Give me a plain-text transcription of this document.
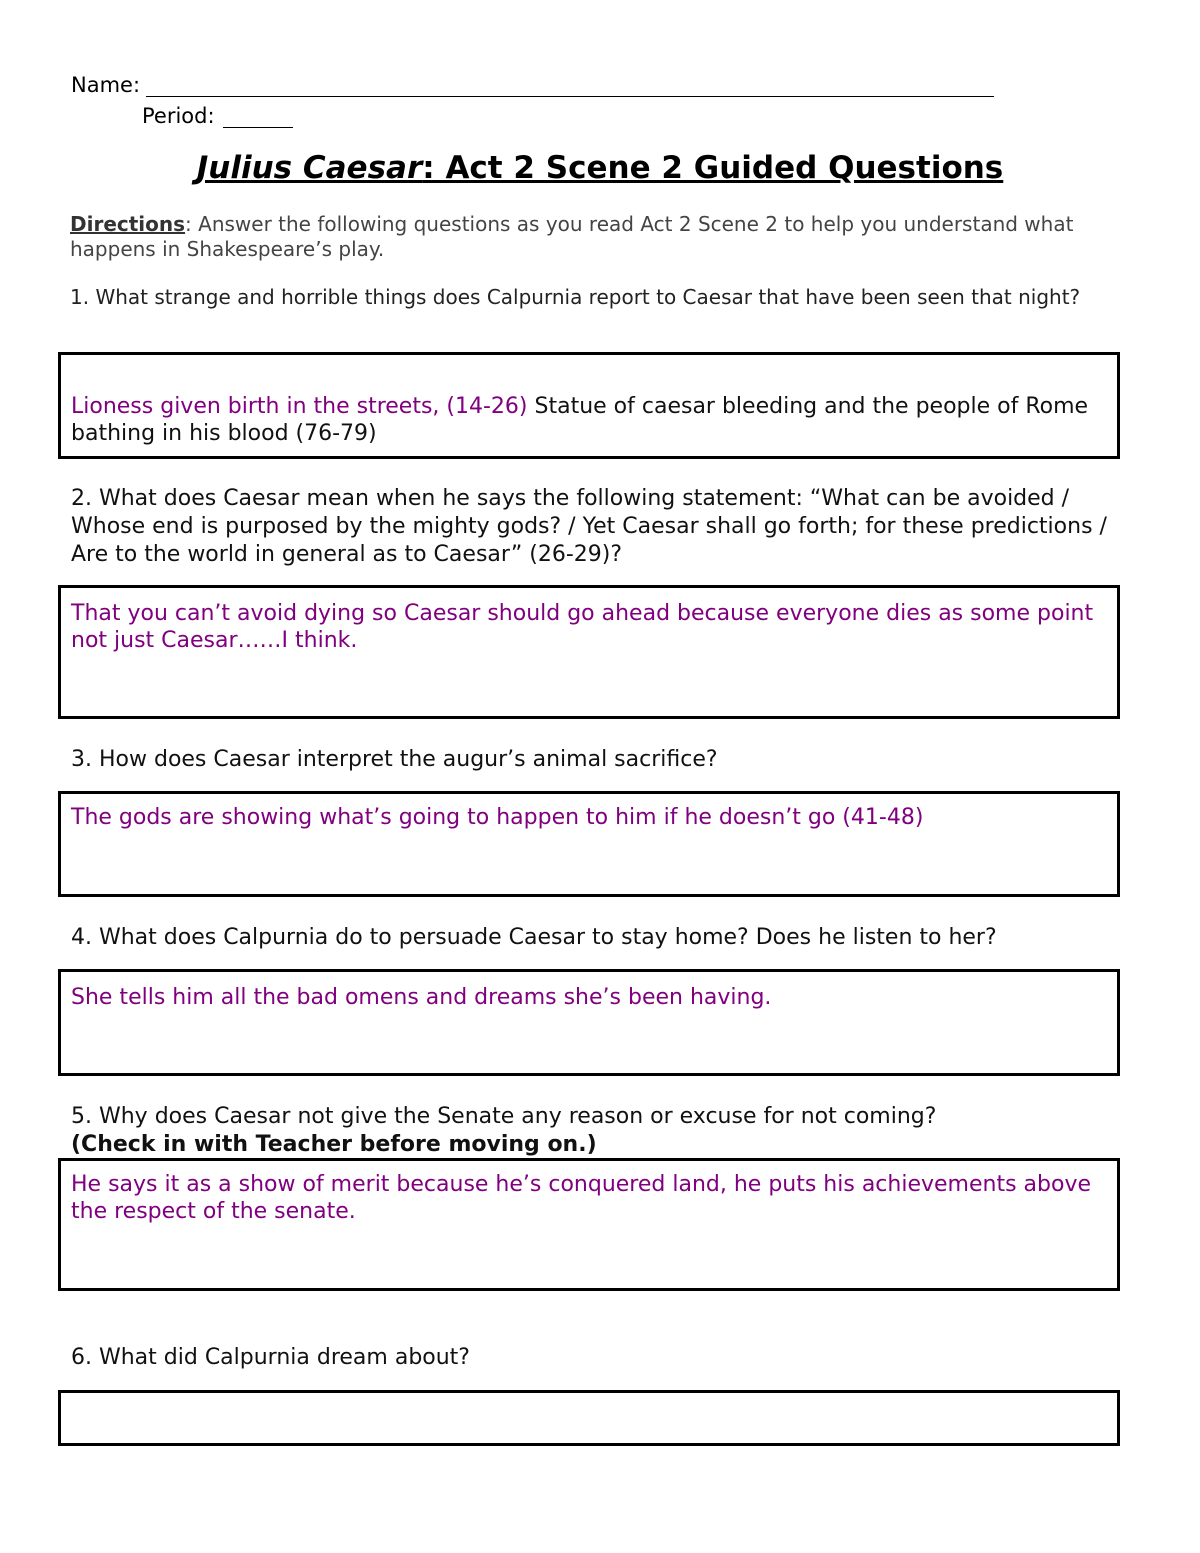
Name:
Period:
Julius Caesar: Act 2 Scene 2 Guided Questions
Directions: Answer the following questions as you read Act 2 Scene 2 to help you understand what happens in Shakespeare’s play.
1. What strange and horrible things does Calpurnia report to Caesar that have been seen that night?
Lioness given birth in the streets, (14-26) Statue of caesar bleeding and the people of Rome bathing in his blood (76-79)
2. What does Caesar mean when he says the following statement: “What can be avoided / Whose end is purposed by the mighty gods? / Yet Caesar shall go forth; for these predictions / Are to the world in general as to Caesar” (26-29)?
That you can’t avoid dying so Caesar should go ahead because everyone dies as some point not just Caesar……I think.
3. How does Caesar interpret the augur’s animal sacrifice?
The gods are showing what’s going to happen to him if he doesn’t go (41-48)
4. What does Calpurnia do to persuade Caesar to stay home? Does he listen to her?
She tells him all the bad omens and dreams she’s been having.
5. Why does Caesar not give the Senate any reason or excuse for not coming?
(Check in with Teacher before moving on.)
He says it as a show of merit because he’s conquered land, he puts his achievements above the respect of the senate.
6. What did Calpurnia dream about?
